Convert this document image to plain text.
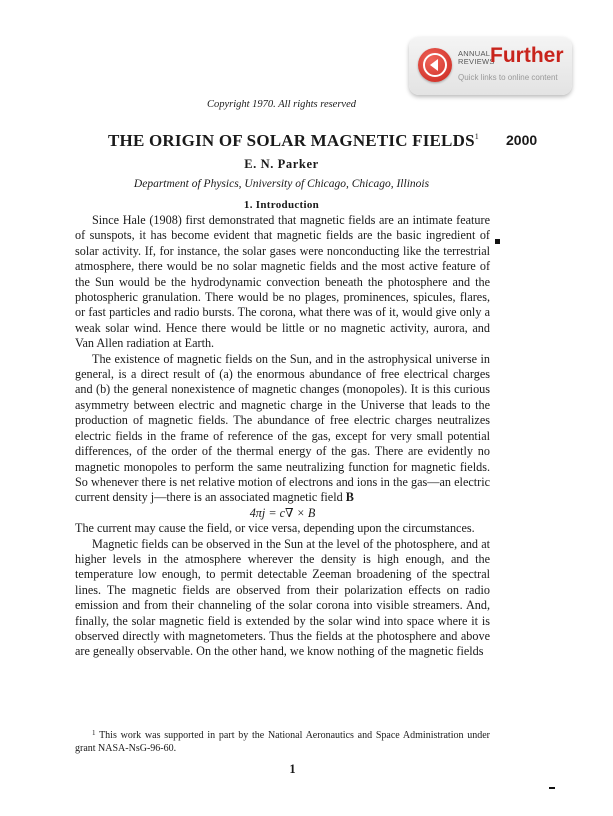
ANNUAL REVIEWS
Further
Quick links to online content
Copyright 1970. All rights reserved
THE ORIGIN OF SOLAR MAGNETIC FIELDS$^1$ 2000
E. N. Parker
Department of Physics, University of Chicago, Chicago, Illinois
1. Introduction

Since Hale (1908) first demonstrated that magnetic fields are an intimate feature of sunspots, it has become evident that magnetic fields are the basic ingredient of solar activity. If, for instance, the solar gases were nonconducting like the terrestrial atmosphere, there would be no solar magnetic fields and the most active feature of the Sun would be the hydrodynamic convection beneath the photosphere and the photospheric granulation. There would be no plages, prominences, spicules, flares, or fast particles and radio bursts. The corona, what there was of it, would give only a weak solar wind. Hence there would be little or no magnetic activity, aurora, and Van Allen radiation at Earth.

The existence of magnetic fields on the Sun, and in the astrophysical universe in general, is a direct result of (a) the enormous abundance of free electrical charges and (b) the general nonexistence of magnetic changes (monopoles). It is this curious asymmetry between electric and magnetic charge in the Universe that leads to the production of magnetic fields. The abundance of free electric charges neutralizes electric fields in the frame of reference of the gas, except for very small potential differences, of the order of the thermal energy of the gas. There are evidently no magnetic monopoles to perform the same neutralizing function for magnetic fields. So whenever there is net relative motion of electrons and ions in the gas—an electric current density j—there is an associated magnetic field B

4πj = c∇ × B

The current may cause the field, or vice versa, depending upon the circumstances.

Magnetic fields can be observed in the Sun at the level of the photosphere, and at higher levels in the atmosphere wherever the density is high enough, and the temperature low enough, to permit detectable Zeeman broadening of the spectral lines. The magnetic fields are observed from their polarization effects on radio emission and from their channeling of the solar corona into visible streamers. And, finally, the solar magnetic field is extended by the solar wind into space where it is observed directly with magnetometers. Thus the fields at the photosphere and above are geneally observable. On the other hand, we know nothing of the magnetic fields

$^1$ This work was supported in part by the National Aeronautics and Space Administration under grant NASA-NsG-96-60.
1
